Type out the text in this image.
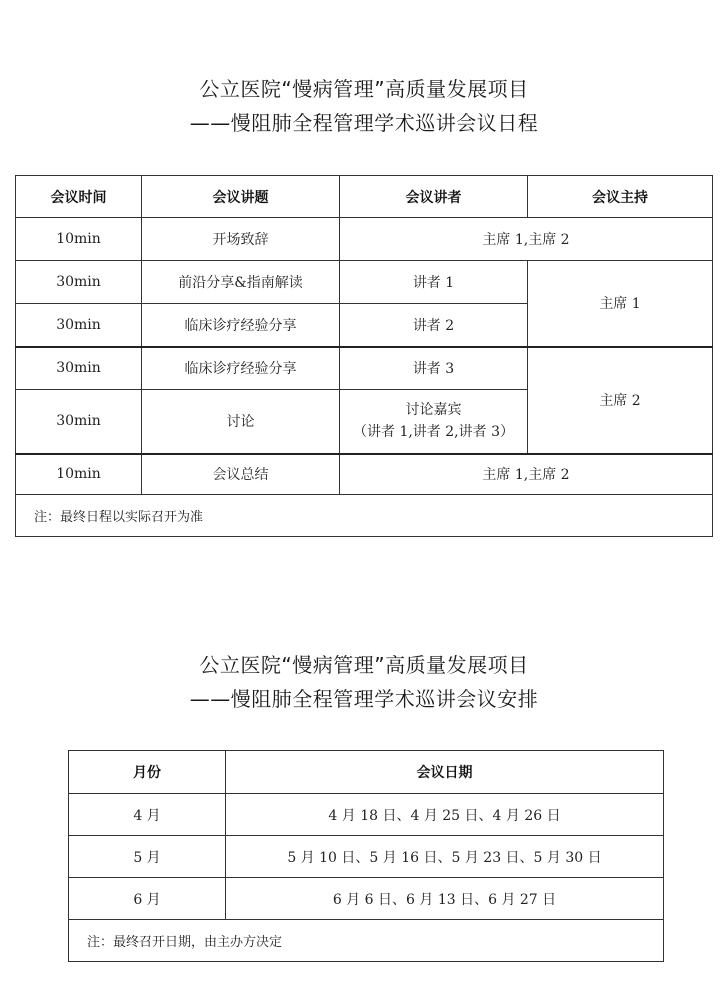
公立医院“慢病管理”高质量发展项目
——慢阻肺全程管理学术巡讲会议日程
会议时间	会议讲题	会议讲者	会议主持
10min	开场致辞	主席 1,主席 2	
30min	前沿分享&指南解读	讲者 1	主席 1
30min	临床诊疗经验分享	讲者 2	
30min	临床诊疗经验分享	讲者 3	主席 2
30min	讨论	讨论嘉宾
（讲者 1,讲者 2,讲者 3）	

10min	会议总结	主席 1,主席 2	
注：最终日程以实际召开为准			
公立医院“慢病管理”高质量发展项目
——慢阻肺全程管理学术巡讲会议安排
月份	会议日期
4 月	4 月 18 日、4 月 25 日、4 月 26 日
5 月	5 月 10 日、5 月 16 日、5 月 23 日、5 月 30 日
6 月	6 月 6 日、6 月 13 日、6 月 27 日
注：最终召开日期，由主办方决定	
